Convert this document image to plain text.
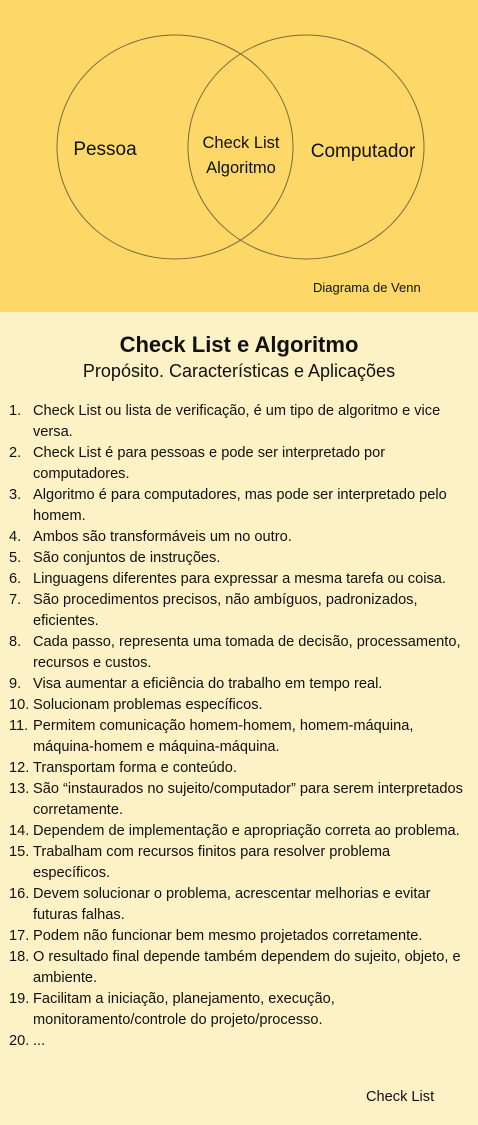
Pessoa	Computador
Check List
Algoritmo
Diagrama de Venn
Check List e Algoritmo
Propósito. Características e Aplicações
1. Check List ou lista de verificação, é um tipo de algoritmo e vice versa.
2. Check List é para pessoas e pode ser interpretado por computadores.
3. Algoritmo é para computadores, mas pode ser interpretado pelo homem.
4. Ambos são transformáveis um no outro.
5. São conjuntos de instruções.
6. Linguagens diferentes para expressar a mesma tarefa ou coisa.
7. São procedimentos precisos, não ambíguos, padronizados, eficientes.
8. Cada passo, representa uma tomada de decisão, processamento, recursos e custos.
9. Visa aumentar a eficiência do trabalho em tempo real.
10. Solucionam problemas específicos.
11. Permitem comunicação homem-homem, homem-máquina, máquina-homem e máquina-máquina.
12. Transportam forma e conteúdo.
13. São “instaurados no sujeito/computador” para serem interpretados corretamente.
14. Dependem de implementação e apropriação correta ao problema.
15. Trabalham com recursos finitos para resolver problema específicos.
16. Devem solucionar o problema, acrescentar melhorias e evitar futuras falhas.
17. Podem não funcionar bem mesmo projetados corretamente.
18. O resultado final depende também dependem do sujeito, objeto, e ambiente.
19. Facilitam a iniciação, planejamento, execução, monitoramento/controle do projeto/processo.
20. ...
Check List
